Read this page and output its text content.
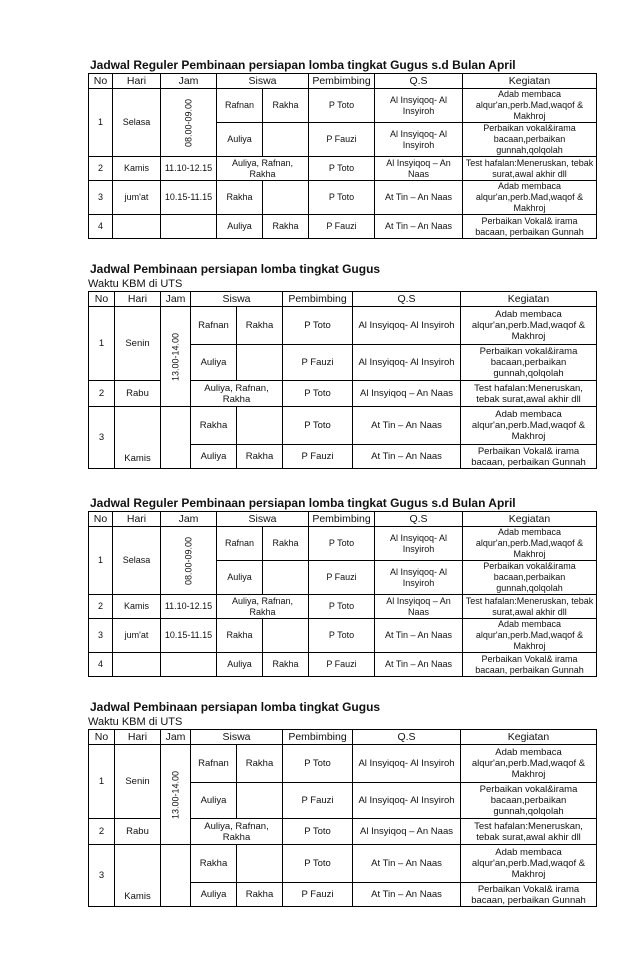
Jadwal Reguler Pembinaan persiapan lomba tingkat Gugus s.d Bulan April
No	Hari	Jam	Siswa		Pembimbing	Q.S	Kegiatan
1	Selasa	08.00-09.00	Rafnan	Rakha	P Toto	Al Insyiqoq- Al Insyiroh	Adab membaca alqur'an,perb.Mad,waqof & Makhroj
			Auliya		P Fauzi	Al Insyiqoq- Al Insyiroh	Perbaikan vokal&irama bacaan,perbaikan gunnah,qolqolah
2	Kamis	11.10-12.15	Auliya, Rafnan, Rakha		P Toto	Al Insyiqoq – An Naas	Test hafalan:Meneruskan, tebak surat,awal akhir dll
3	jum'at	10.15-11.15	Rakha		P Toto	At Tin – An Naas	Adab membaca alqur'an,perb.Mad,waqof & Makhroj
4			Auliya	Rakha	P Fauzi	At Tin – An Naas	Perbaikan Vokal& irama bacaan, perbaikan Gunnah
Jadwal Pembinaan persiapan lomba tingkat Gugus
Waktu KBM di UTS
No	Hari	Jam	Siswa		Pembimbing	Q.S	Kegiatan
1	Senin	13.00-14.00	Rafnan	Rakha	P Toto	Al Insyiqoq- Al Insyiroh	Adab membaca alqur'an,perb.Mad,waqof & Makhroj
			Auliya		P Fauzi	Al Insyiqoq- Al Insyiroh	Perbaikan vokal&irama bacaan,perbaikan gunnah,qolqolah
2	Rabu		Auliya, Rafnan, Rakha		P Toto	Al Insyiqoq – An Naas	Test hafalan:Meneruskan, tebak surat,awal akhir dll
3	Kamis		Rakha		P Toto	At Tin – An Naas	Adab membaca alqur'an,perb.Mad,waqof & Makhroj
			Auliya	Rakha	P Fauzi	At Tin – An Naas	Perbaikan Vokal& irama bacaan, perbaikan Gunnah
Jadwal Reguler Pembinaan persiapan lomba tingkat Gugus s.d Bulan April
No	Hari	Jam	Siswa		Pembimbing	Q.S	Kegiatan
1	Selasa	08.00-09.00	Rafnan	Rakha	P Toto	Al Insyiqoq- Al Insyiroh	Adab membaca alqur'an,perb.Mad,waqof & Makhroj
			Auliya		P Fauzi	Al Insyiqoq- Al Insyiroh	Perbaikan vokal&irama bacaan,perbaikan gunnah,qolqolah
2	Kamis	11.10-12.15	Auliya, Rafnan, Rakha		P Toto	Al Insyiqoq – An Naas	Test hafalan:Meneruskan, tebak surat,awal akhir dll
3	jum'at	10.15-11.15	Rakha		P Toto	At Tin – An Naas	Adab membaca alqur'an,perb.Mad,waqof & Makhroj
4			Auliya	Rakha	P Fauzi	At Tin – An Naas	Perbaikan Vokal& irama bacaan, perbaikan Gunnah
Jadwal Pembinaan persiapan lomba tingkat Gugus
Waktu KBM di UTS
No	Hari	Jam	Siswa		Pembimbing	Q.S	Kegiatan
1	Senin	13.00-14.00	Rafnan	Rakha	P Toto	Al Insyiqoq- Al Insyiroh	Adab membaca alqur'an,perb.Mad,waqof & Makhroj
			Auliya		P Fauzi	Al Insyiqoq- Al Insyiroh	Perbaikan vokal&irama bacaan,perbaikan gunnah,qolqolah
2	Rabu		Auliya, Rafnan, Rakha		P Toto	Al Insyiqoq – An Naas	Test hafalan:Meneruskan, tebak surat,awal akhir dll
3	Kamis		Rakha		P Toto	At Tin – An Naas	Adab membaca alqur'an,perb.Mad,waqof & Makhroj
			Auliya	Rakha	P Fauzi	At Tin – An Naas	Perbaikan Vokal& irama bacaan, perbaikan Gunnah
